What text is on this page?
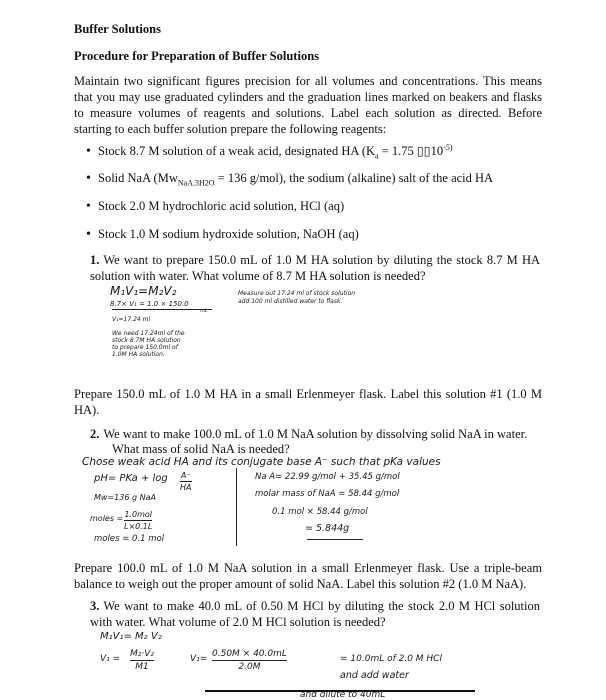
Buffer Solutions
Procedure for Preparation of Buffer Solutions
Maintain two significant figures precision for all volumes and concentrations. This means that you may use graduated cylinders and the graduation lines marked on beakers and flasks to measure volumes of reagents and solutions. Label each solution as directed. Before starting to each buffer solution prepare the following reagents:
• Stock 8.7 M solution of a weak acid, designated HA ($K_a = 1.75$ $▯▯10^{-5)}$
• Solid NaA ($Mw_{NaA.3H2O} = 136$ g/mol), the sodium (alkaline) salt of the acid HA
• Stock 2.0 M hydrochloric acid solution, HCl (aq)
• Stock 1.0 M sodium hydroxide solution, NaOH (aq)
1. We want to prepare 150.0 mL of 1.0 M HA solution by diluting the stock 8.7 M HA solution with water. What volume of 8.7 M HA solution is needed?
M₁V₁=M₂V₂
8.7× V₁ = 1.0 × 150.0
mL
V₁=17.24 ml
We need 17.24ml of the
stock 8.7M HA solution
to prepare 150.0ml of
1.0M HA solution.
Measure out 17.24 ml of stock solution
add 100 ml distilled water to flask.
Prepare 150.0 mL of 1.0 M HA in a small Erlenmeyer flask. Label this solution #1 (1.0 M HA).
2. We want to make 100.0 mL of 1.0 M NaA solution by dissolving solid NaA in water.
What mass of solid NaA is needed?
Chose weak acid HA and its conjugate base A⁻ such that pKa values
pH= PKa + log A⁻
HA
Mw=136 g NaA
moles = 1.0mol
L×0.1L
moles = 0.1 mol
Na A= 22.99 g/mol + 35.45 g/mol
molar mass of NaA = 58.44 g/mol
0.1 mol × 58.44 g/mol
= 5.844g
Prepare 100.0 mL of 1.0 M NaA solution in a small Erlenmeyer flask. Use a triple-beam balance to weigh out the proper amount of solid NaA. Label this solution #2 (1.0 M NaA).
3. We want to make 40.0 mL of 0.50 M HCl by diluting the stock 2.0 M HCl solution with water. What volume of 2.0 M HCl solution is needed?
M₁V₁= M₂ V₂
V₁ = M₂·V₂
M1
V₁= 0.50M × 40.0mL
2.0M
= 10.0mL of 2.0 M HCl
and add water
and dilute to 40mL
